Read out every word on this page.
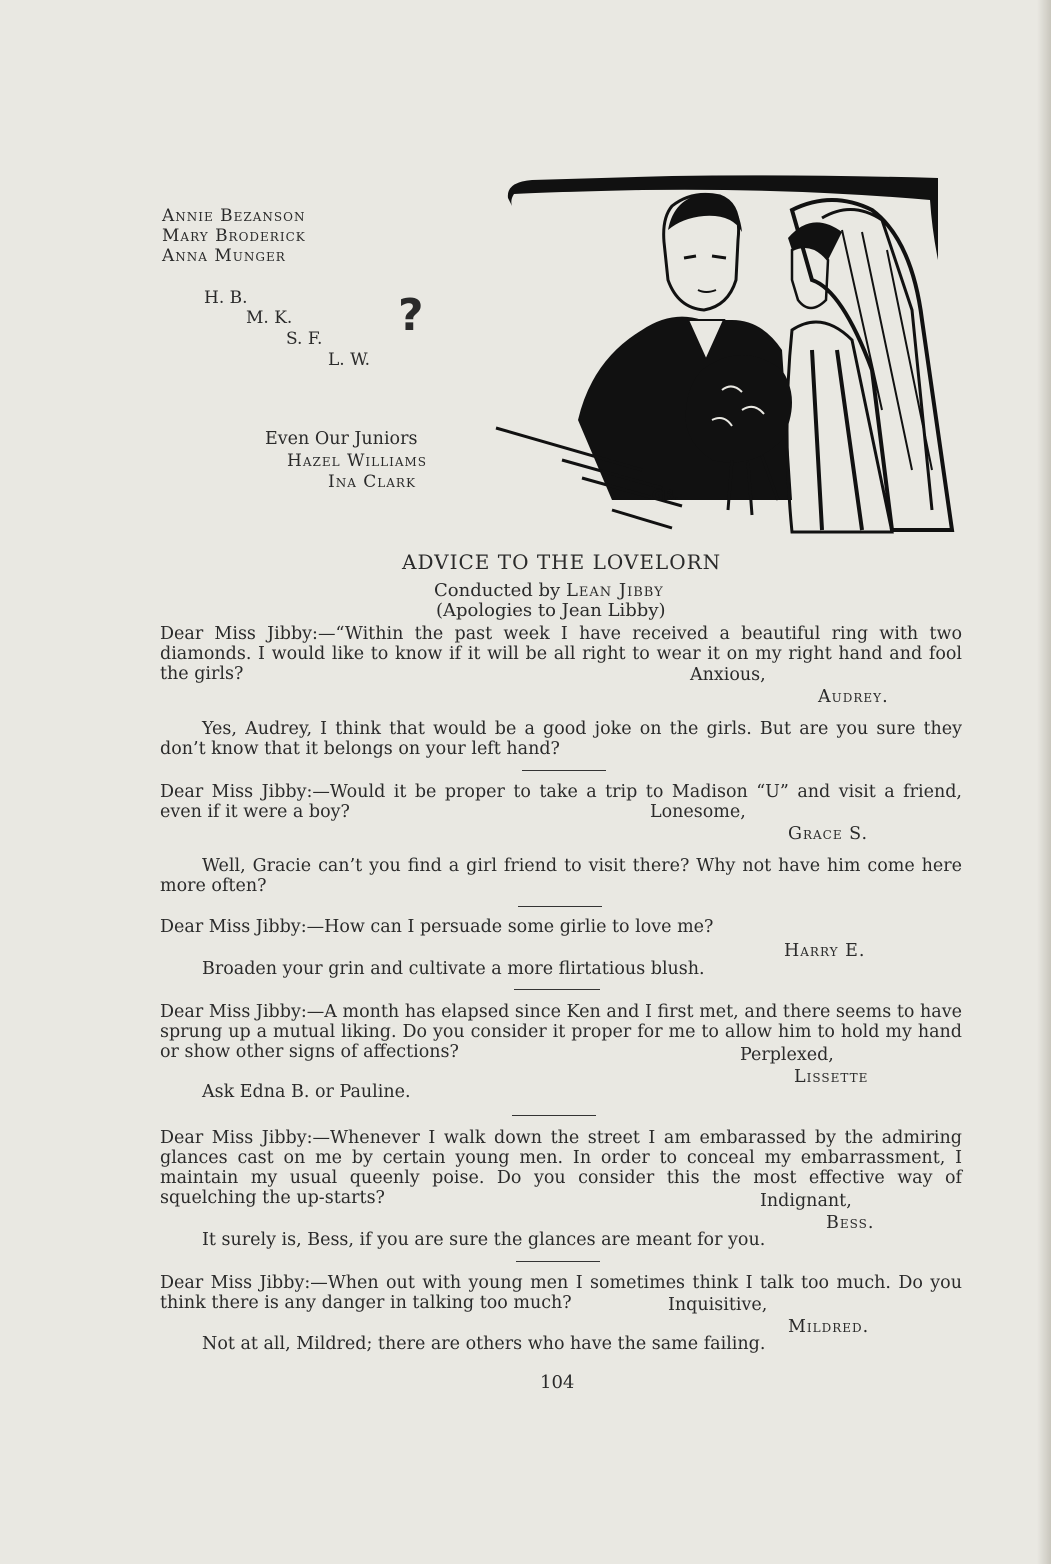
Annie Bezanson
Mary Broderick
Anna Munger
H. B.
M. K.
S. F.
L. W.
?
Even Our Juniors
Hazel Williams
Ina Clark
GB.
ADVICE TO THE LOVELORN
Conducted by Lean Jibby
(Apologies to Jean Libby)
Dear Miss Jibby:—“Within the past week I have received a beautiful ring with two diamonds. I would like to know if it will be all right to wear it on my right hand and fool the girls?	Anxious,
Audrey.
Yes, Audrey, I think that would be a good joke on the girls. But are you sure they don’t know that it belongs on your left hand?
Dear Miss Jibby:—Would it be proper to take a trip to Madison “U” and visit a friend, even if it were a boy?	Lonesome,
Grace S.
Well, Gracie can’t you find a girl friend to visit there? Why not have him come here more often?
Dear Miss Jibby:—How can I persuade some girlie to love me?
Harry E.
Broaden your grin and cultivate a more flirtatious blush.
Dear Miss Jibby:—A month has elapsed since Ken and I first met, and there seems to have sprung up a mutual liking. Do you consider it proper for me to allow him to hold my hand or show other signs of affections?	Perplexed,
Lissette
Ask Edna B. or Pauline.
Dear Miss Jibby:—Whenever I walk down the street I am embarassed by the admiring glances cast on me by certain young men. In order to conceal my embarrassment, I maintain my usual queenly poise. Do you consider this the most effective way of squelching the up-starts?	Indignant,
Bess.
It surely is, Bess, if you are sure the glances are meant for you.
Dear Miss Jibby:—When out with young men I sometimes think I talk too much. Do you think there is any danger in talking too much?	Inquisitive,
Mildred.
Not at all, Mildred; there are others who have the same failing.
104
